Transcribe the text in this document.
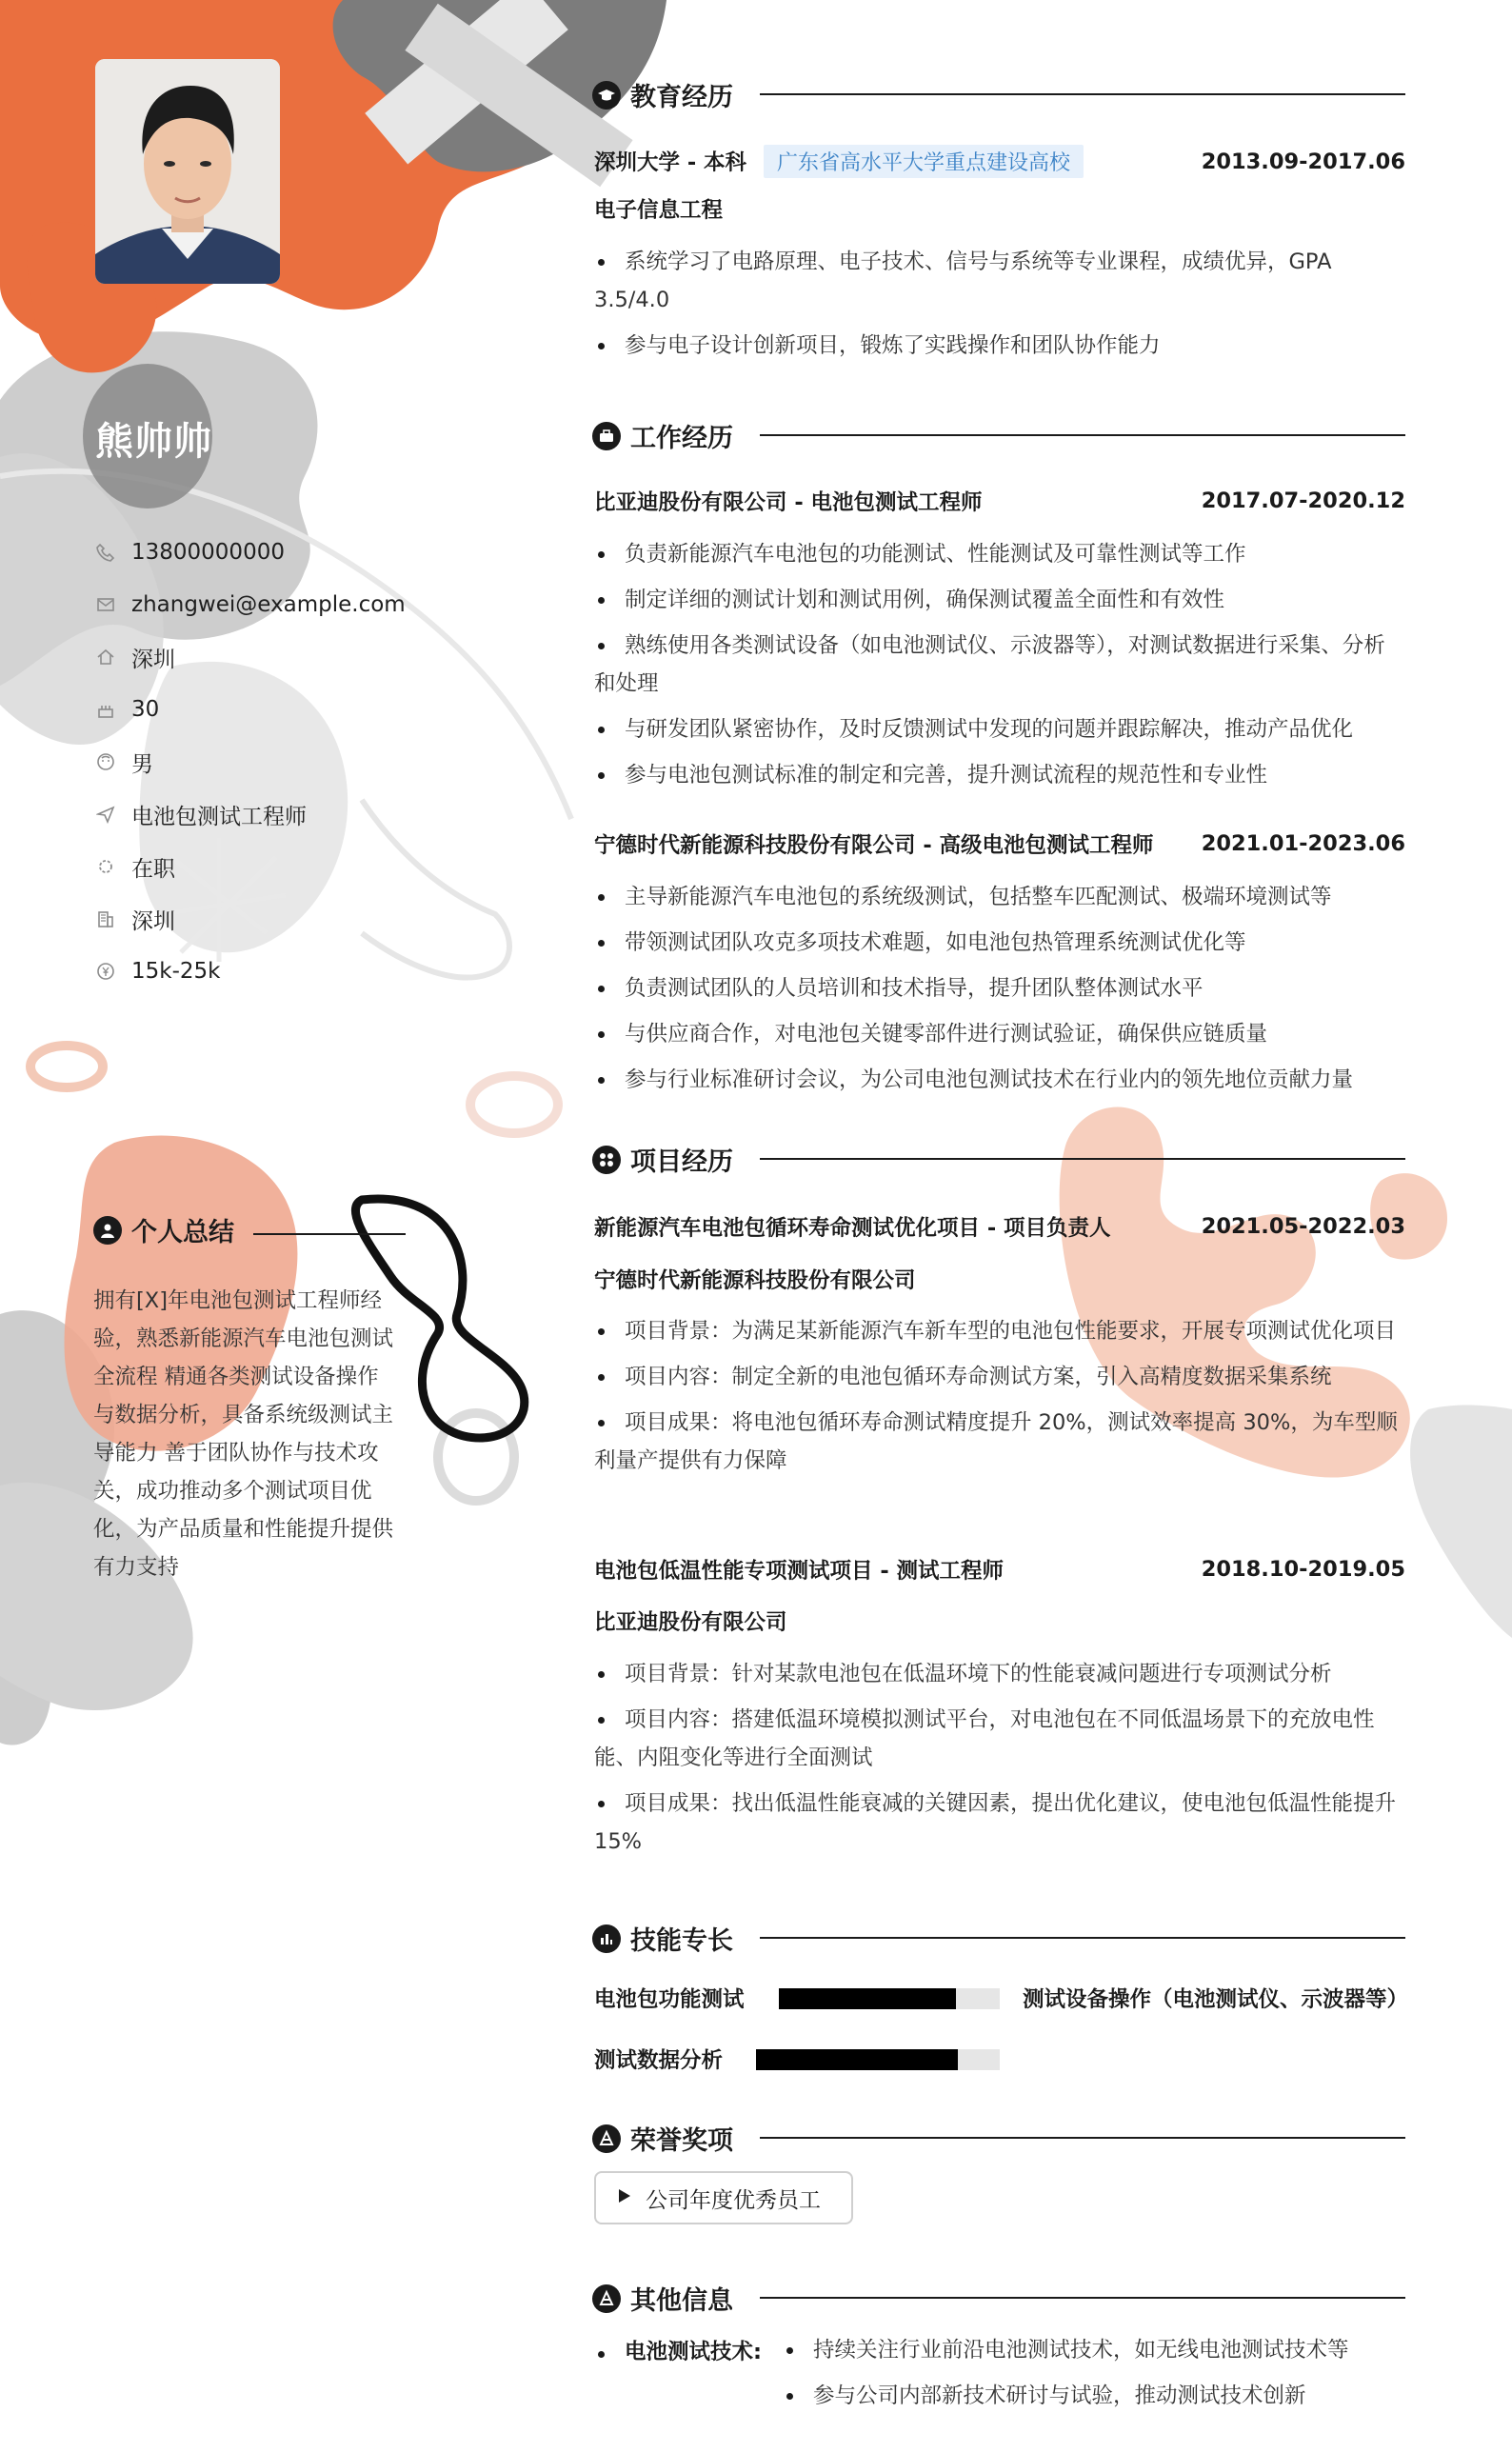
熊帅帅
13800000000
zhangwei@example.com
深圳
30
男
电池包测试工程师
在职
深圳
15k-25k
个人总结
拥有[X]年电池包测试工程师经验，熟悉新能源汽车电池包测试全流程 精通各类测试设备操作与数据分析，具备系统级测试主导能力 善于团队协作与技术攻关，成功推动多个测试项目优化，为产品质量和性能提升提供有力支持
教育经历
深圳大学 - 本科 广东省高水平大学重点建设高校	2013.09-2017.06
电子信息工程
系统学习了电路原理、电子技术、信号与系统等专业课程，成绩优异，GPA 3.5/4.0
参与电子设计创新项目，锻炼了实践操作和团队协作能力
工作经历
比亚迪股份有限公司 - 电池包测试工程师	2017.07-2020.12
负责新能源汽车电池包的功能测试、性能测试及可靠性测试等工作
制定详细的测试计划和测试用例，确保测试覆盖全面性和有效性
熟练使用各类测试设备（如电池测试仪、示波器等），对测试数据进行采集、分析和处理
与研发团队紧密协作，及时反馈测试中发现的问题并跟踪解决，推动产品优化
参与电池包测试标准的制定和完善，提升测试流程的规范性和专业性
宁德时代新能源科技股份有限公司 - 高级电池包测试工程师 2021.01-2023.06
主导新能源汽车电池包的系统级测试，包括整车匹配测试、极端环境测试等
带领测试团队攻克多项技术难题，如电池包热管理系统测试优化等
负责测试团队的人员培训和技术指导，提升团队整体测试水平
与供应商合作，对电池包关键零部件进行测试验证，确保供应链质量
参与行业标准研讨会议，为公司电池包测试技术在行业内的领先地位贡献力量
项目经历
新能源汽车电池包循环寿命测试优化项目 - 项目负责人	2021.05-2022.03
宁德时代新能源科技股份有限公司
项目背景：为满足某新能源汽车新车型的电池包性能要求，开展专项测试优化项目
项目内容：制定全新的电池包循环寿命测试方案，引入高精度数据采集系统
项目成果：将电池包循环寿命测试精度提升 20%，测试效率提高 30%，为车型顺利量产提供有力保障
电池包低温性能专项测试项目 - 测试工程师	2018.10-2019.05
比亚迪股份有限公司
项目背景：针对某款电池包在低温环境下的性能衰减问题进行专项测试分析
项目内容：搭建低温环境模拟测试平台，对电池包在不同低温场景下的充放电性能、内阻变化等进行全面测试
项目成果：找出低温性能衰减的关键因素，提出优化建议，使电池包低温性能提升 15%
技能专长
电池包功能测试	测试设备操作（电池测试仪、示波器等）
测试数据分析
荣誉奖项
公司年度优秀员工
其他信息
电池测试技术:	持续关注行业前沿电池测试技术，如无线电池测试技术等
参与公司内部新技术研讨与试验，推动测试技术创新
